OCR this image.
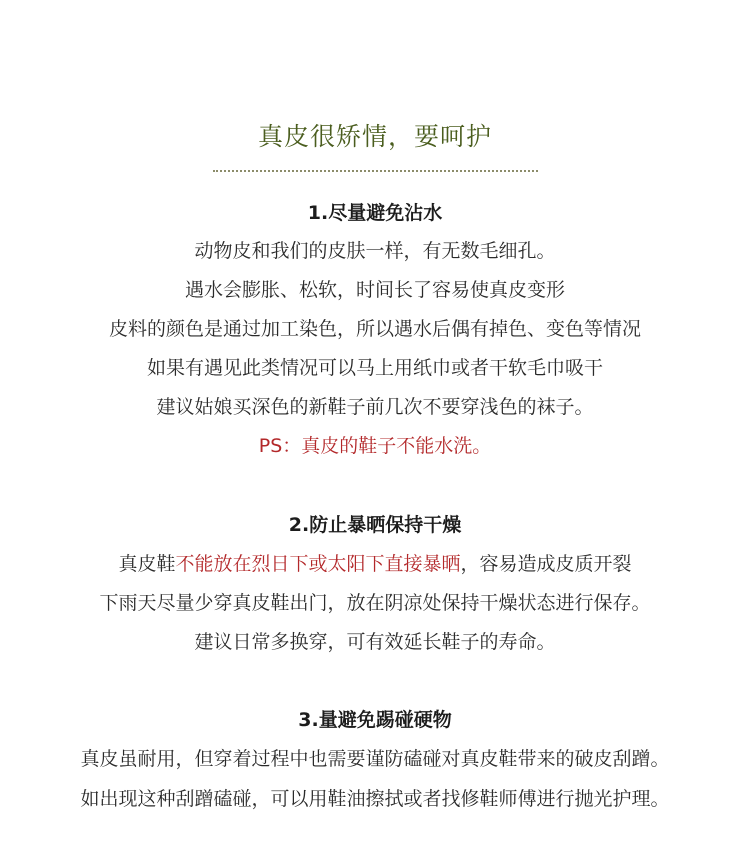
真皮很矫情，要呵护
1.尽量避免沾水
动物皮和我们的皮肤一样，有无数毛细孔。
遇水会膨胀、松软，时间长了容易使真皮变形
皮料的颜色是通过加工染色，所以遇水后偶有掉色、变色等情况
如果有遇见此类情况可以马上用纸巾或者干软毛巾吸干
建议姑娘买深色的新鞋子前几次不要穿浅色的袜子。
PS：真皮的鞋子不能水洗。
2.防止暴晒保持干燥
真皮鞋不能放在烈日下或太阳下直接暴晒，容易造成皮质开裂
下雨天尽量少穿真皮鞋出门，放在阴凉处保持干燥状态进行保存。
建议日常多换穿，可有效延长鞋子的寿命。
3.量避免踢碰硬物
真皮虽耐用，但穿着过程中也需要谨防磕碰对真皮鞋带来的破皮刮蹭。
如出现这种刮蹭磕碰，可以用鞋油擦拭或者找修鞋师傅进行抛光护理。
